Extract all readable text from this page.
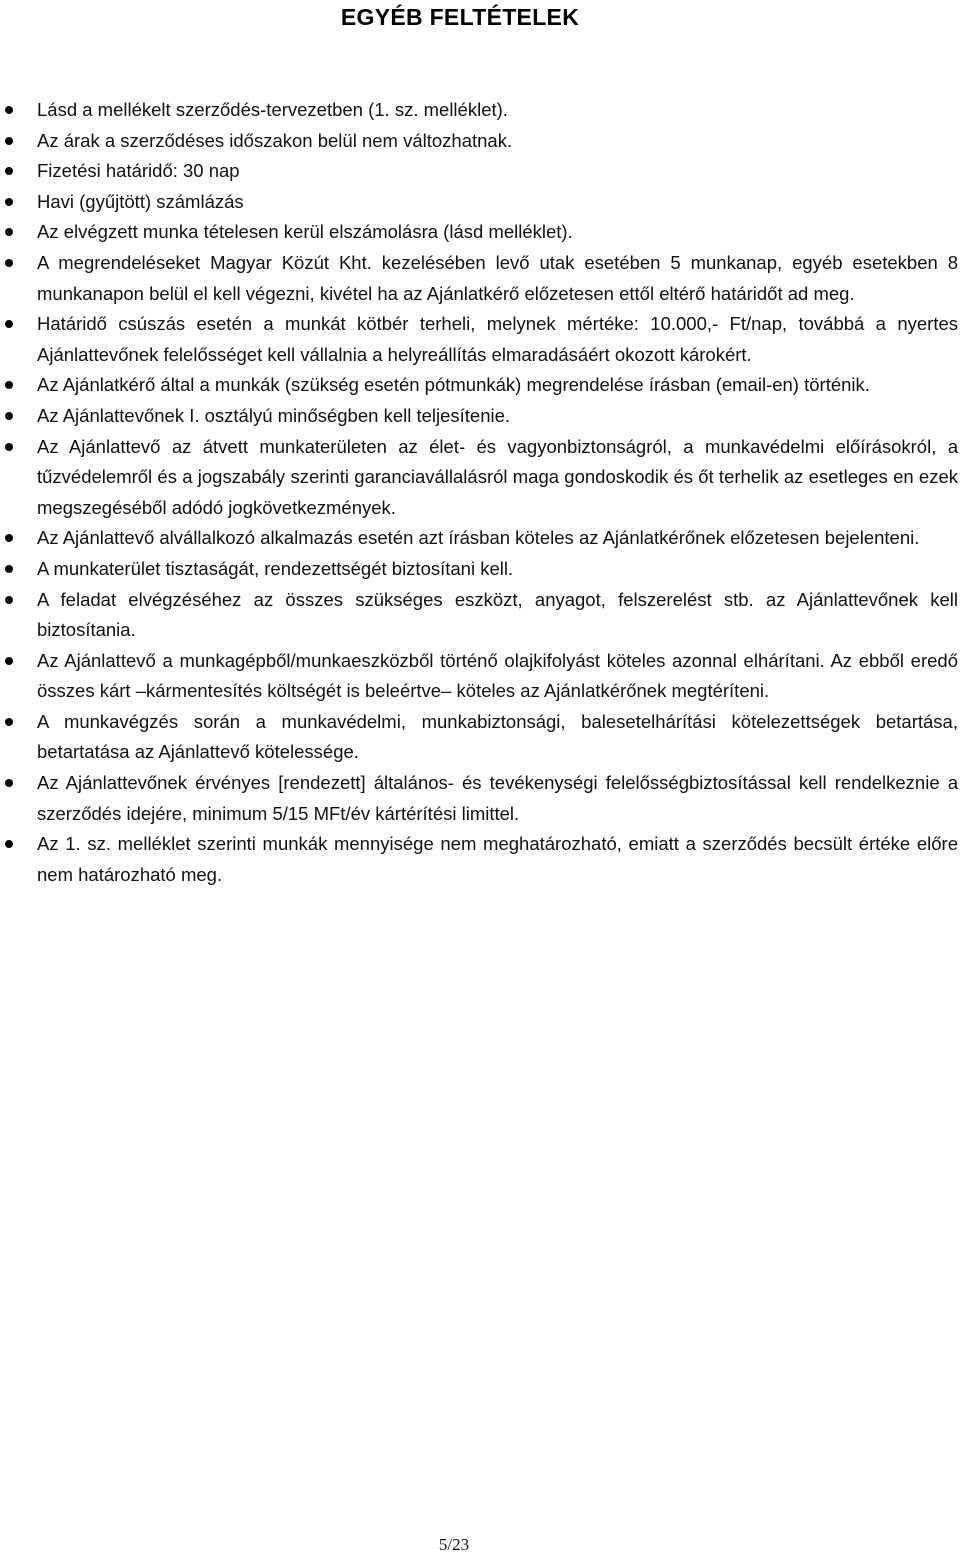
EGYÉB FELTÉTELEK
Lásd a mellékelt szerződés-tervezetben (1. sz. melléklet).
Az árak a szerződéses időszakon belül nem változhatnak.
Fizetési határidő: 30 nap
Havi (gyűjtött) számlázás
Az elvégzett munka tételesen kerül elszámolásra (lásd melléklet).
A megrendeléseket Magyar Közút Kht. kezelésében levő utak esetében 5 munkanap, egyéb esetekben 8 munkanapon belül el kell végezni, kivétel ha az Ajánlatkérő előzetesen ettől eltérő határidőt ad meg.
Határidő csúszás esetén a munkát kötbér terheli, melynek mértéke: 10.000,- Ft/nap, továbbá a nyertes Ajánlattevőnek felelősséget kell vállalnia a helyreállítás elmaradásáért okozott károkért.
Az Ajánlatkérő által a munkák (szükség esetén pótmunkák) megrendelése írásban (email-en) történik.
Az Ajánlattevőnek I. osztályú minőségben kell teljesítenie.
Az Ajánlattevő az átvett munkaterületen az élet- és vagyonbiztonságról, a munkavédelmi előírásokról, a tűzvédelemről és a jogszabály szerinti garanciavállalásról maga gondoskodik és őt terhelik az esetleges en ezek megszegéséből adódó jogkövetkezmények.
Az Ajánlattevő alvállalkozó alkalmazás esetén azt írásban köteles az Ajánlatkérőnek előzetesen bejelenteni.
A munkaterület tisztaságát, rendezettségét biztosítani kell.
A feladat elvégzéséhez az összes szükséges eszközt, anyagot, felszerelést stb. az Ajánlattevőnek kell biztosítania.
Az Ajánlattevő a munkagépből/munkaeszközből történő olajkifolyást köteles azonnal elhárítani. Az ebből eredő összes kárt –kármentesítés költségét is beleértve– köteles az Ajánlatkérőnek megtéríteni.
A munkavégzés során a munkavédelmi, munkabiztonsági, balesetelhárítási kötelezettségek betartása, betartatása az Ajánlattevő kötelessége.
Az Ajánlattevőnek érvényes [rendezett] általános- és tevékenységi felelősségbiztosítással kell rendelkeznie a szerződés idejére, minimum 5/15 MFt/év kártérítési limittel.
Az 1. sz. melléklet szerinti munkák mennyisége nem meghatározható, emiatt a szerződés becsült értéke előre nem határozható meg.
5/23
